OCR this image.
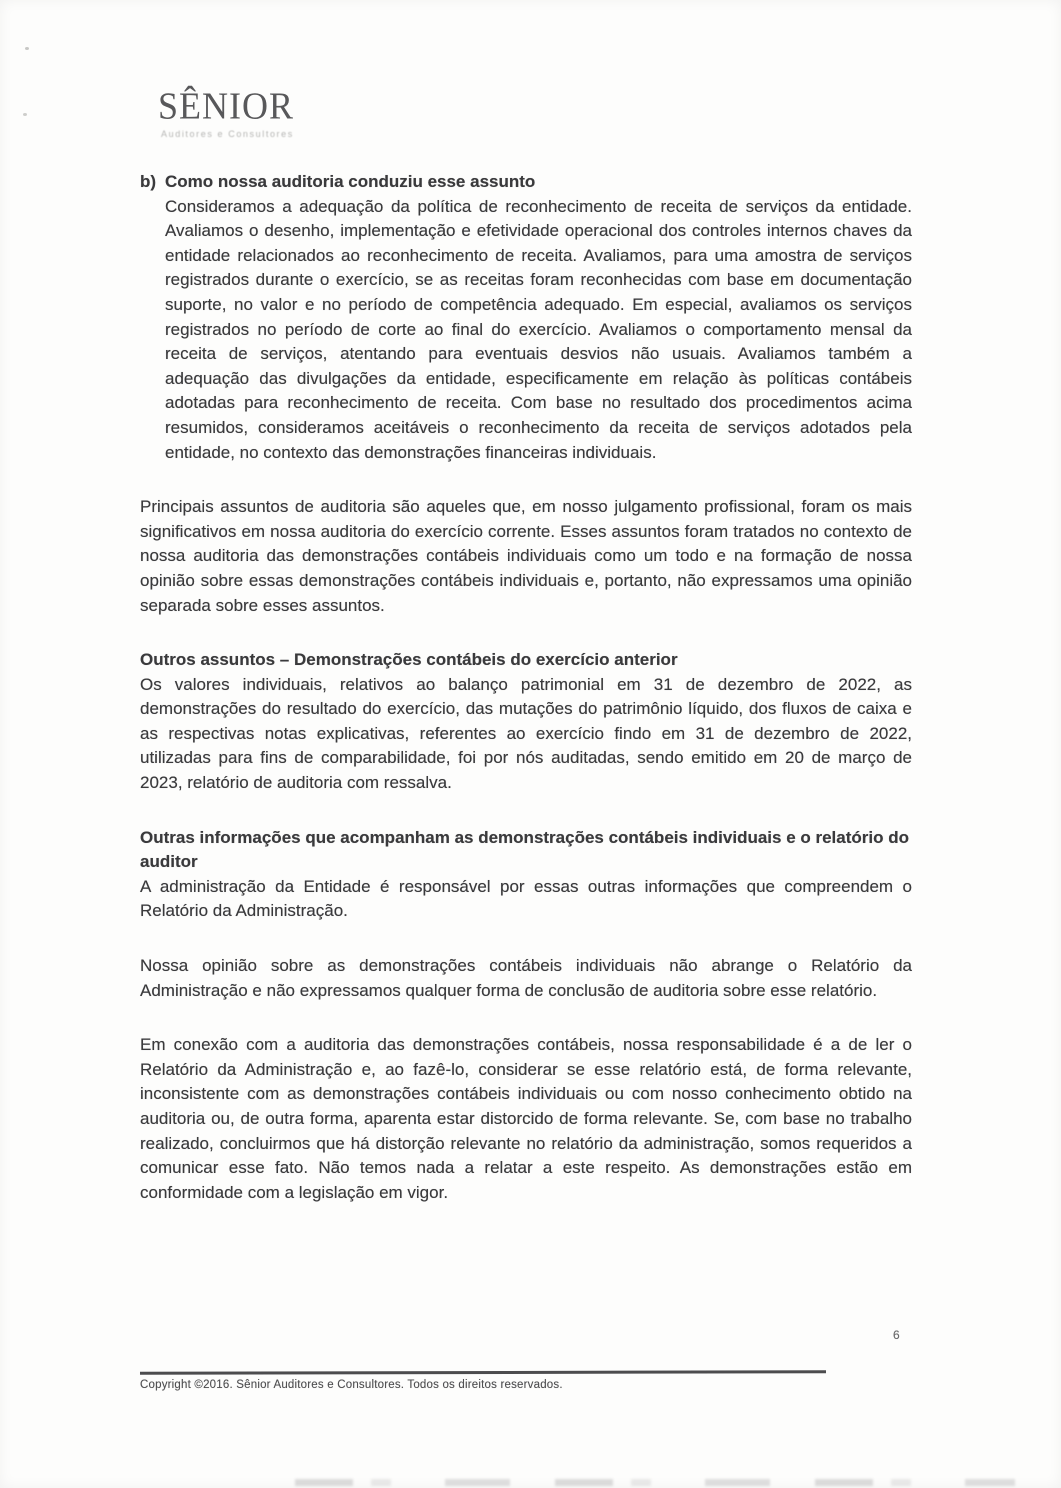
SÊNIOR
Auditores e Consultores
b) Como nossa auditoria conduziu esse assunto

Consideramos a adequação da política de reconhecimento de receita de serviços da entidade. Avaliamos o desenho, implementação e efetividade operacional dos controles internos chaves da entidade relacionados ao reconhecimento de receita. Avaliamos, para uma amostra de serviços registrados durante o exercício, se as receitas foram reconhecidas com base em documentação suporte, no valor e no período de competência adequado. Em especial, avaliamos os serviços registrados no período de corte ao final do exercício. Avaliamos o comportamento mensal da receita de serviços, atentando para eventuais desvios não usuais. Avaliamos também a adequação das divulgações da entidade, especificamente em relação às políticas contábeis adotadas para reconhecimento de receita. Com base no resultado dos procedimentos acima resumidos, consideramos aceitáveis o reconhecimento da receita de serviços adotados pela entidade, no contexto das demonstrações financeiras individuais.

Principais assuntos de auditoria são aqueles que, em nosso julgamento profissional, foram os mais significativos em nossa auditoria do exercício corrente. Esses assuntos foram tratados no contexto de nossa auditoria das demonstrações contábeis individuais como um todo e na formação de nossa opinião sobre essas demonstrações contábeis individuais e, portanto, não expressamos uma opinião separada sobre esses assuntos.

Outros assuntos – Demonstrações contábeis do exercício anterior

Os valores individuais, relativos ao balanço patrimonial em 31 de dezembro de 2022, as demonstrações do resultado do exercício, das mutações do patrimônio líquido, dos fluxos de caixa e as respectivas notas explicativas, referentes ao exercício findo em 31 de dezembro de 2022, utilizadas para fins de comparabilidade, foi por nós auditadas, sendo emitido em 20 de março de 2023, relatório de auditoria com ressalva.

Outras informações que acompanham as demonstrações contábeis individuais e o relatório do auditor

A administração da Entidade é responsável por essas outras informações que compreendem o Relatório da Administração.

Nossa opinião sobre as demonstrações contábeis individuais não abrange o Relatório da Administração e não expressamos qualquer forma de conclusão de auditoria sobre esse relatório.

Em conexão com a auditoria das demonstrações contábeis, nossa responsabilidade é a de ler o Relatório da Administração e, ao fazê-lo, considerar se esse relatório está, de forma relevante, inconsistente com as demonstrações contábeis individuais ou com nosso conhecimento obtido na auditoria ou, de outra forma, aparenta estar distorcido de forma relevante. Se, com base no trabalho realizado, concluirmos que há distorção relevante no relatório da administração, somos requeridos a comunicar esse fato. Não temos nada a relatar a este respeito. As demonstrações estão em conformidade com a legislação em vigor.

6
Copyright ©2016. Sênior Auditores e Consultores. Todos os direitos reservados.
